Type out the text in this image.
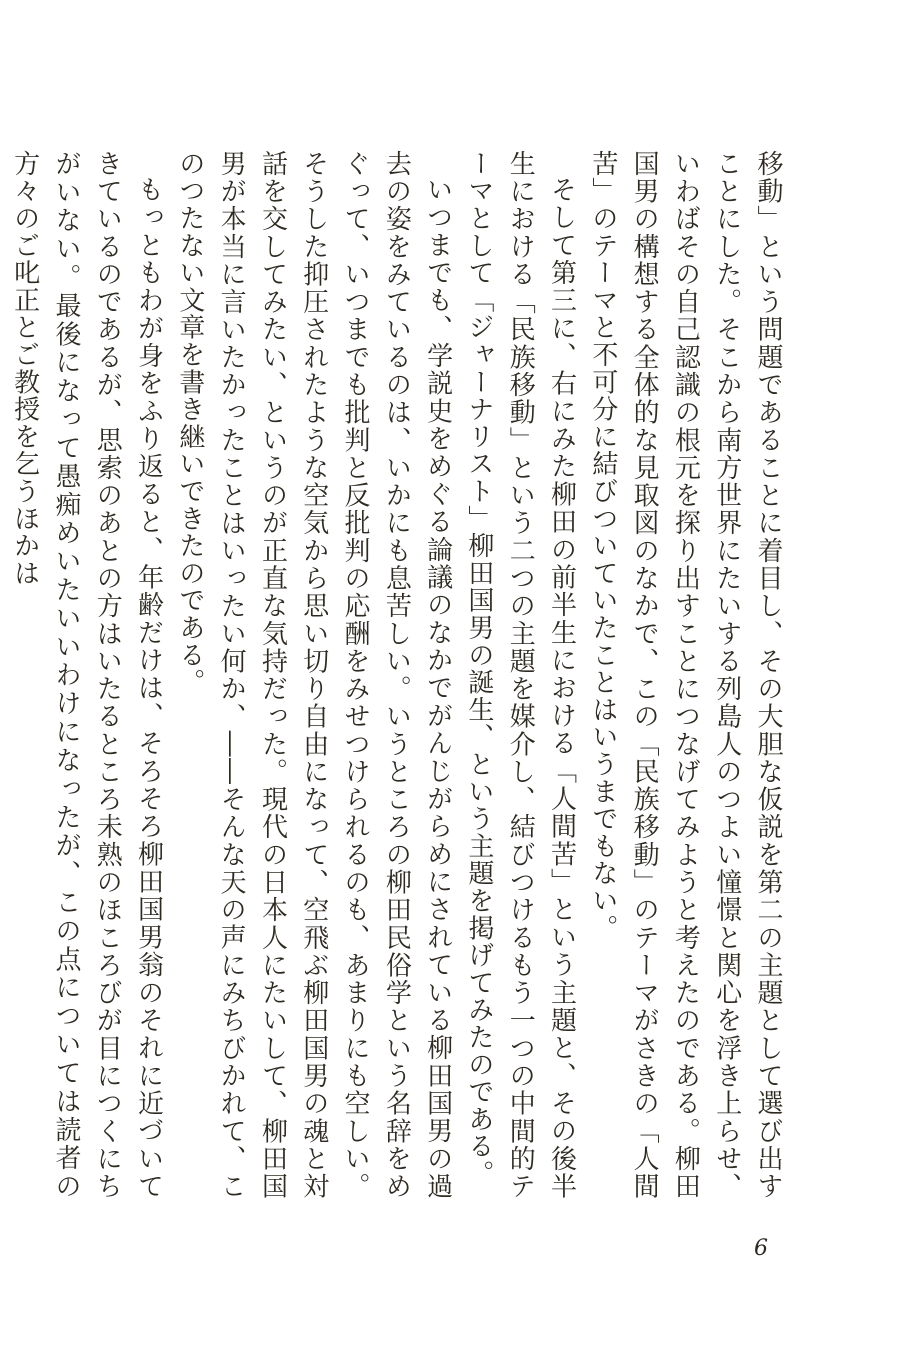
移動」という問題であることに着目し、その大胆な仮説を第二の主題として選び出すことにした。そこから南方世界にたいする列島人のつよい憧憬と関心を浮き上らせ、いわばその自己認識の根元を探り出すことにつなげてみようと考えたのである。柳田国男の構想する全体的な見取図のなかで、この「民族移動」のテーマがさきの「人間苦」のテーマと不可分に結びついていたことはいうまでもない。

そして第三に、右にみた柳田の前半生における「人間苦」という主題と、その後半生における「民族移動」という二つの主題を媒介し、結びつけるもう一つの中間的テーマとして「ジャーナリスト」柳田国男の誕生、という主題を掲げてみたのである。

いつまでも、学説史をめぐる論議のなかでがんじがらめにされている柳田国男の過去の姿をみているのは、いかにも息苦しい。いうところの柳田民俗学という名辞をめぐって、いつまでも批判と反批判の応酬をみせつけられるのも、あまりにも空しい。そうした抑圧されたような空気から思い切り自由になって、空飛ぶ柳田国男の魂と対話を交してみたい、というのが正直な気持だった。現代の日本人にたいして、柳田国男が本当に言いたかったことはいったい何か、――そんな天の声にみちびかれて、このつたない文章を書き継いできたのである。

もっともわが身をふり返ると、年齢だけは、そろそろ柳田国男翁のそれに近づいてきているのであるが、思索のあとの方はいたるところ未熟のほころびが目につくにちがいない。最後になって愚痴めいたいいわけになったが、この点については読者の方々のご叱正とご教授を乞うほかは

6
